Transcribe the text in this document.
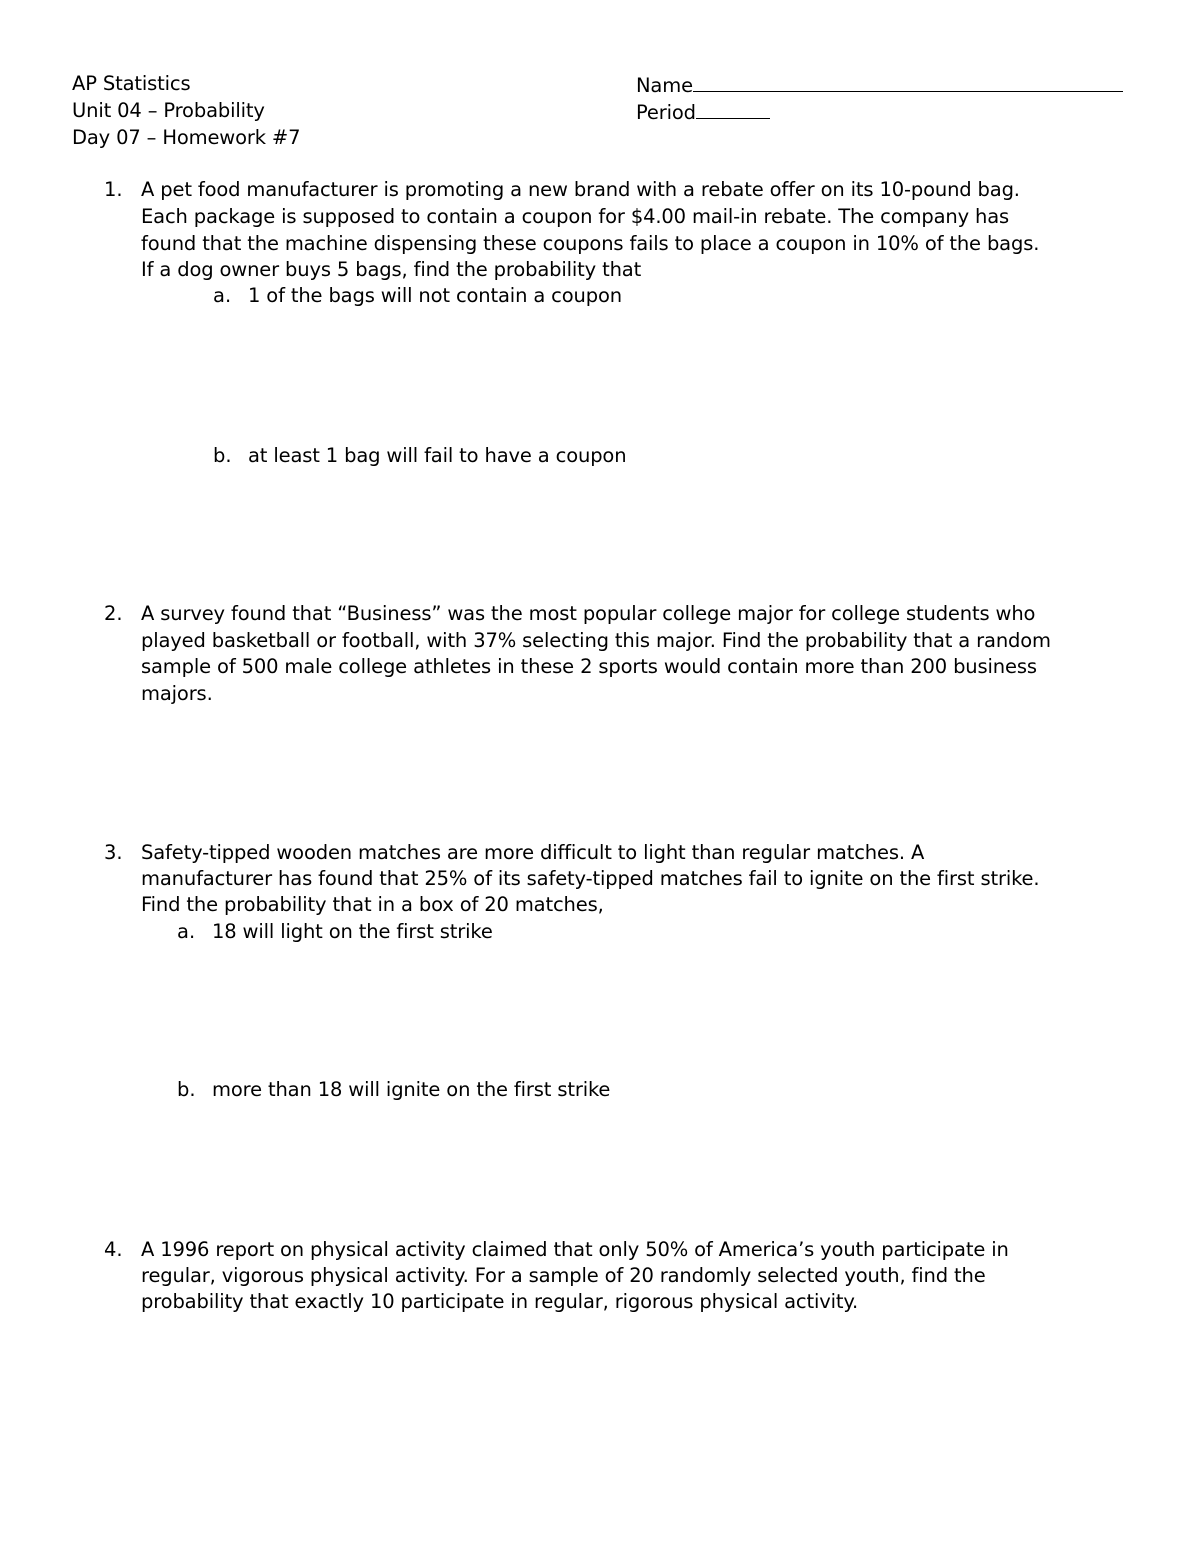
AP Statistics
Unit 04 – Probability
Day 07 – Homework #7
Name
Period
1. A pet food manufacturer is promoting a new brand with a rebate offer on its 10-pound bag.
Each package is supposed to contain a coupon for $4.00 mail-in rebate. The company has
found that the machine dispensing these coupons fails to place a coupon in 10% of the bags.
If a dog owner buys 5 bags, find the probability that
a. 1 of the bags will not contain a coupon
b. at least 1 bag will fail to have a coupon
2. A survey found that “Business” was the most popular college major for college students who
played basketball or football, with 37% selecting this major. Find the probability that a random
sample of 500 male college athletes in these 2 sports would contain more than 200 business
majors.
3. Safety-tipped wooden matches are more difficult to light than regular matches. A
manufacturer has found that 25% of its safety-tipped matches fail to ignite on the first strike.
Find the probability that in a box of 20 matches,
a. 18 will light on the first strike
b. more than 18 will ignite on the first strike
4. A 1996 report on physical activity claimed that only 50% of America’s youth participate in
regular, vigorous physical activity. For a sample of 20 randomly selected youth, find the
probability that exactly 10 participate in regular, rigorous physical activity.
